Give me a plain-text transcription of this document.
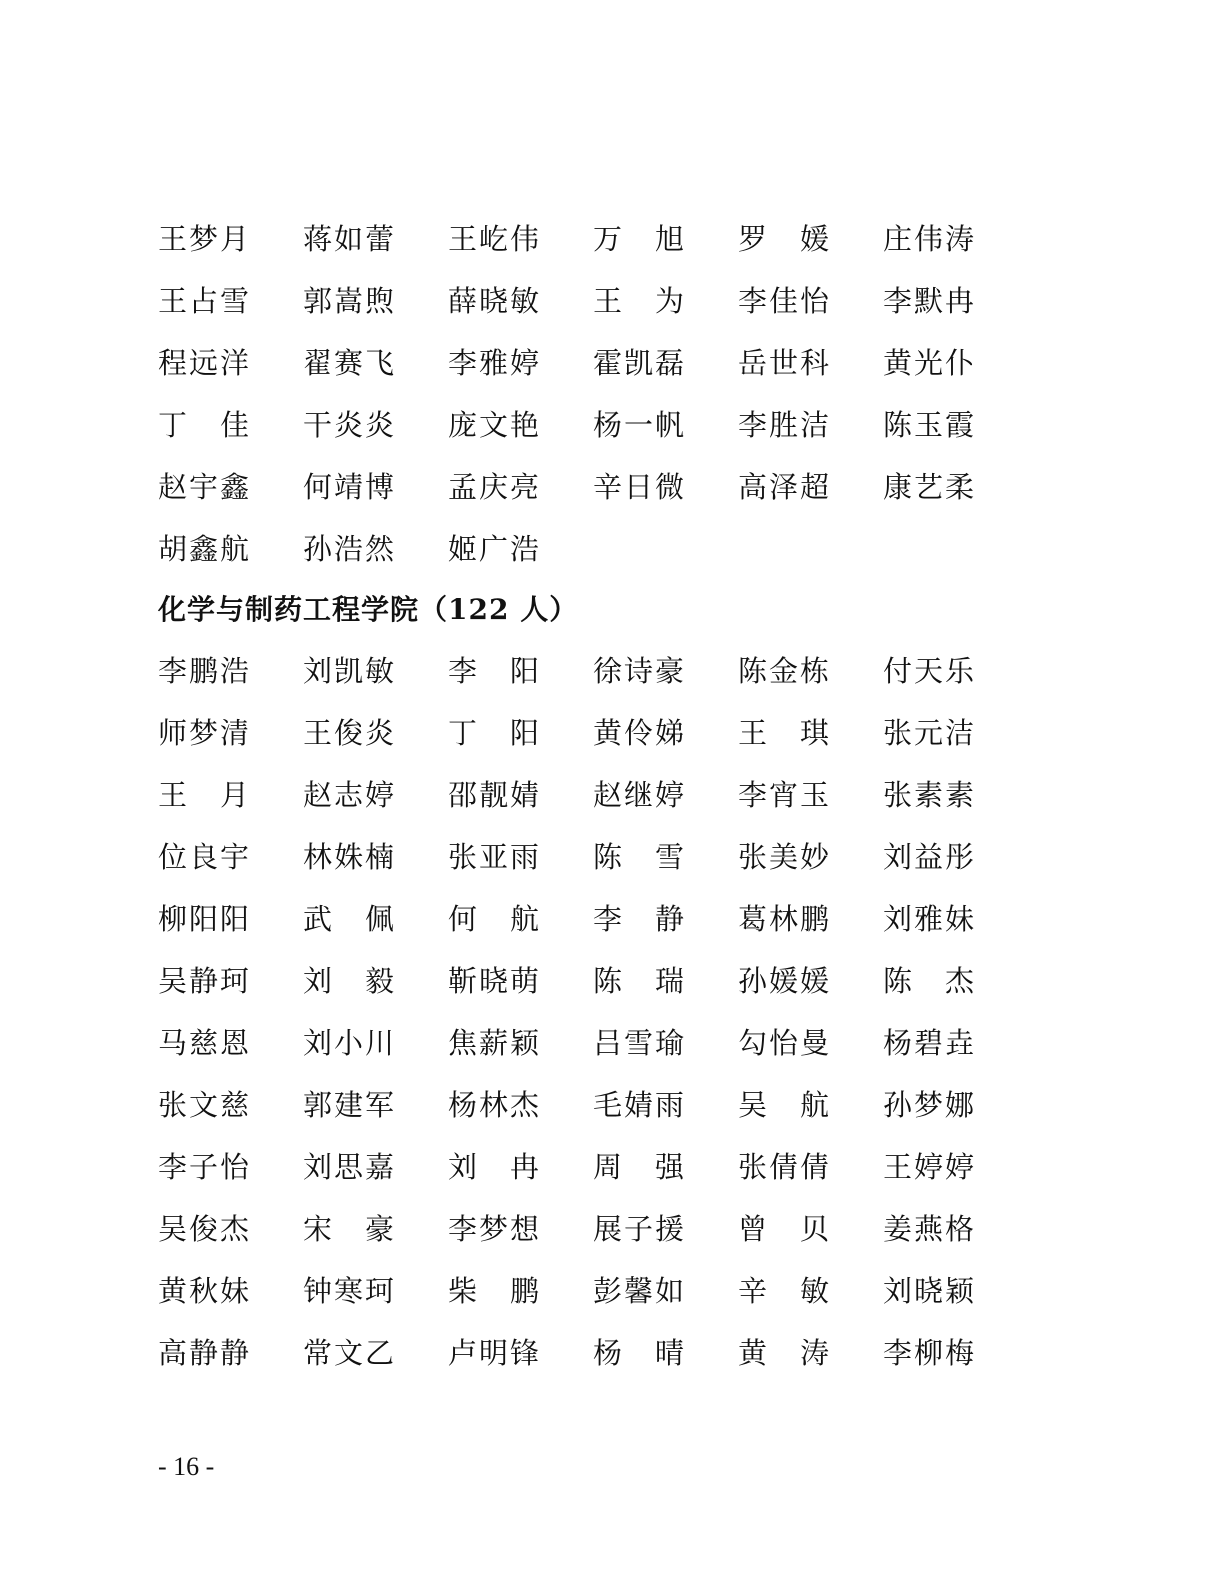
王梦月	蒋如蕾	王屹伟	万　旭	罗　媛	庄伟涛
王占雪	郭嵩煦	薛晓敏	王　为	李佳怡	李默冉
程远洋	翟赛飞	李雅婷	霍凯磊	岳世科	黄光仆
丁　佳	干炎炎	庞文艳	杨一帆	李胜洁	陈玉霞
赵宇鑫	何靖博	孟庆亮	辛日微	高泽超	康艺柔
胡鑫航	孙浩然	姬广浩
化学与制药工程学院（122 人）
李鹏浩	刘凯敏	李　阳	徐诗豪	陈金栋	付天乐
师梦清	王俊炎	丁　阳	黄伶娣	王　琪	张元洁
王　月	赵志婷	邵靓婧	赵继婷	李宵玉	张素素
位良宇	林姝楠	张亚雨	陈　雪	张美妙	刘益彤
柳阳阳	武　佩	何　航	李　静	葛林鹏	刘雅妹
吴静珂	刘　毅	靳晓萌	陈　瑞	孙媛媛	陈　杰
马慈恩	刘小川	焦薪颖	吕雪瑜	勾怡曼	杨碧垚
张文慈	郭建军	杨林杰	毛婧雨	吴　航	孙梦娜
李子怡	刘思嘉	刘　冉	周　强	张倩倩	王婷婷
吴俊杰	宋　豪	李梦想	展子援	曾　贝	姜燕格
黄秋妹	钟寒珂	柴　鹏	彭馨如	辛　敏	刘晓颖
高静静	常文乙	卢明锋	杨　晴	黄　涛	李柳梅
- 16 -
